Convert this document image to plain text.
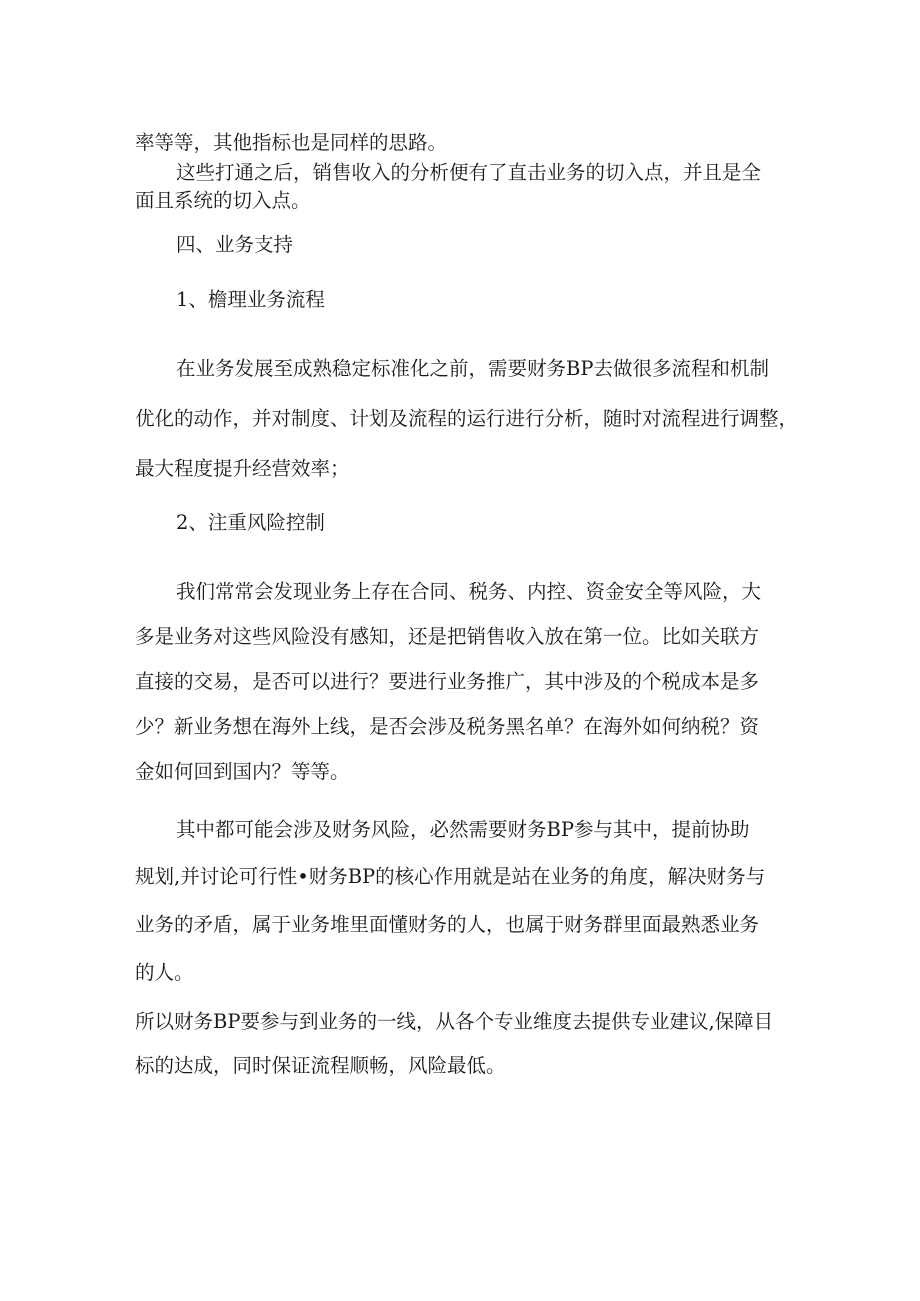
率等等，其他指标也是同样的思路。

这些打通之后，销售收入的分析便有了直击业务的切入点，并且是全

面且系统的切入点。

四、业务支持

1、檐理业务流程

在业务发展至成熟稳定标准化之前，需要财务BP去做很多流程和机制

优化的动作，并对制度、计划及流程的运行进行分析，随时对流程进行调整，

最大程度提升经营效率；

2、注重风险控制

我们常常会发现业务上存在合同、税务、内控、资金安全等风险，大

多是业务对这些风险没有感知，还是把销售收入放在第一位。比如关联方

直接的交易，是否可以进行？要进行业务推广，其中涉及的个税成本是多

少？新业务想在海外上线，是否会涉及税务黑名单？在海外如何纳税？资

金如何回到国内？等等。

其中都可能会涉及财务风险，必然需要财务BP参与其中，提前协助

规划,并讨论可行性•财务BP的核心作用就是站在业务的角度，解决财务与

业务的矛盾，属于业务堆里面懂财务的人，也属于财务群里面最熟悉业务

的人。

所以财务BP要参与到业务的一线，从各个专业维度去提供专业建议,保障目

标的达成，同时保证流程顺畅，风险最低。
